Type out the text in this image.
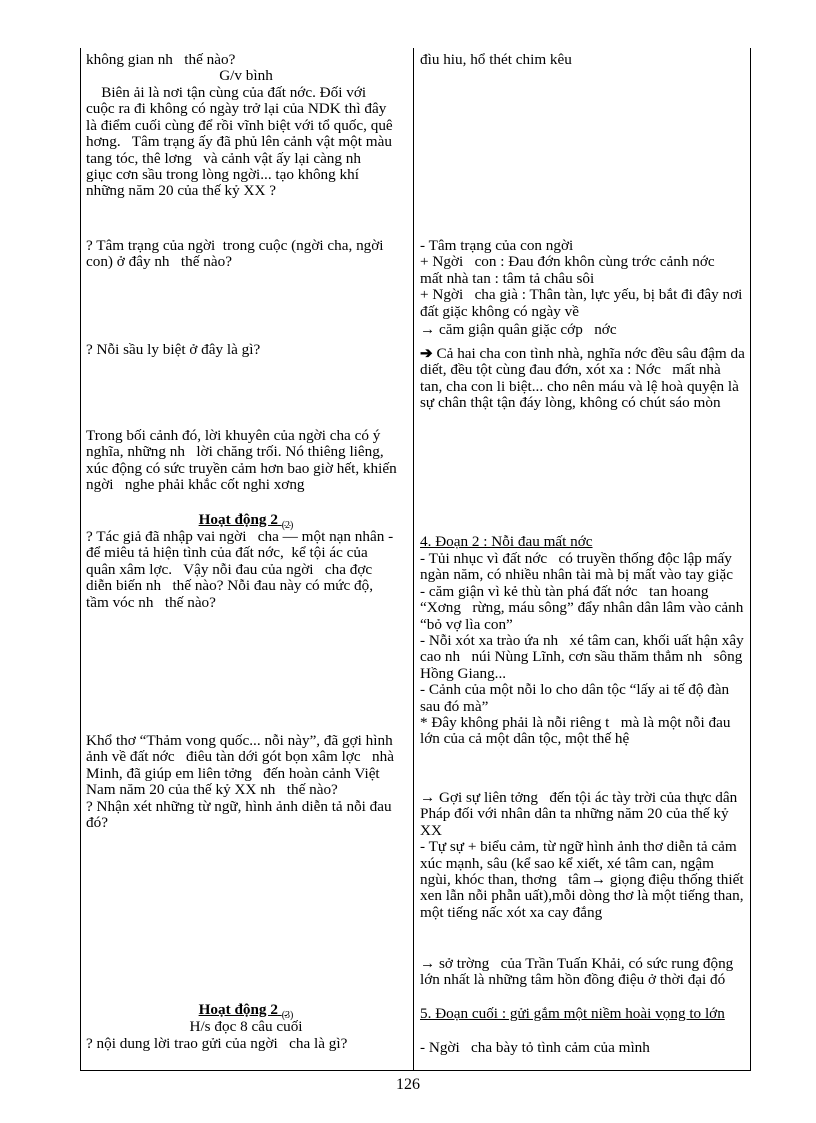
không gian nh   thế nào?

G/v bình

Biên ải là nơi tận cùng của đất nớc. Đối với cuộc ra đi không có ngày trở lại của NDK thì đây là điểm cuối cùng để rồi vĩnh biệt với tổ quốc, quê hơng.   Tâm trạng ấy đã phủ lên cảnh vật một màu tang tóc, thê lơng   và cảnh vật ấy lại càng nh   giục cơn sầu trong lòng ngời... tạo không khí những năm 20 của thế kỷ XX ?

? Tâm trạng của ngời  trong cuộc (ngời cha, ngời  con) ở đây nh   thế nào?

? Nỗi sầu ly biệt ở đây là gì?

Trong bối cảnh đó, lời khuyên của ngời cha có ý nghĩa, những nh   lời chăng trối. Nó thiêng liêng, xúc động có sức truyền cảm hơn bao giờ hết, khiến ngời   nghe phải khắc cốt nghi xơng

Hoạt động 2 $_{(2)}$

? Tác giả đã nhập vai ngời   cha — một nạn nhân - để miêu tả hiện tình của đất nớc,  kể tội ác của quân xâm lợc.   Vậy nỗi đau của ngời   cha đợc   diễn biến nh   thế nào? Nỗi đau này có mức độ, tầm vóc nh   thế nào?

Khổ thơ “Thảm vong quốc... nỗi này”, đã gợi hình ảnh về đất nớc   điêu tàn dới gót bọn xâm lợc   nhà Minh, đã giúp em liên tởng   đến hoàn cảnh Việt Nam năm 20 của thế kỷ XX nh   thế nào?
? Nhận xét những từ ngữ, hình ảnh diễn tả nỗi đau đó?

Hoạt động 2 $_{(3)}$

H/s đọc 8 câu cuối

? nội dung lời trao gửi của ngời   cha là gì?

đìu hiu, hổ thét chim kêu

- Tâm trạng của con ngời
+ Ngời   con : Đau đớn khôn cùng trớc cảnh nớc   mất nhà tan : tâm tả châu sôi
+ Ngời   cha già : Thân tàn, lực yếu, bị bắt đi đây nơi đất giặc không có ngày về

→ căm giận quân giặc cớp   nớc

➔ Cả hai cha con tình nhà, nghĩa nớc đều sâu đậm da diết, đều tột cùng đau đớn, xót xa : Nớc   mất nhà tan, cha con li biệt... cho nên máu và lệ hoà quyện là sự chân thật tận đáy lòng, không có chút sáo mòn

4. Đoạn 2 : Nỗi đau mất nớc

- Tủi nhục vì đất nớc   có truyền thống độc lập mấy ngàn năm, có nhiều nhân tài mà bị mất vào tay giặc
- căm giận vì kẻ thù tàn phá đất nớc   tan hoang “Xơng   rừng, máu sông” đẩy nhân dân lâm vào cảnh “bỏ vợ lìa con”
- Nỗi xót xa trào ứa nh   xé tâm can, khối uất hận xây cao nh   núi Nùng Lĩnh, cơn sầu thăm thẳm nh   sông Hồng Giang...
- Cảnh của một nỗi lo cho dân tộc “lấy ai tế độ đàn sau đó mà”
* Đây không phải là nỗi riêng t   mà là một nỗi đau lớn của cả một dân tộc, một thế hệ

→ Gợi sự liên tởng   đến tội ác tày trời của thực dân Pháp đối với nhân dân ta những năm 20 của thế kỷ XX
- Tự sự + biểu cảm, từ ngữ hình ảnh thơ diễn tả cảm xúc mạnh, sâu (kể sao kể xiết, xé tâm can, ngậm ngùi, khóc than, thơng   tâm→ giọng điệu thống thiết xen lẫn nỗi phẫn uất),mỗi dòng thơ là một tiếng than, một tiếng nấc xót xa cay đắng

→ sở trờng   của Trần Tuấn Khải, có sức rung động lớn nhất là những tâm hồn đồng điệu ở thời đại đó

5. Đoạn cuối : gửi gắm một niềm hoài vọng to lớn

- Ngời   cha bày tỏ tình cảm của mình

126
